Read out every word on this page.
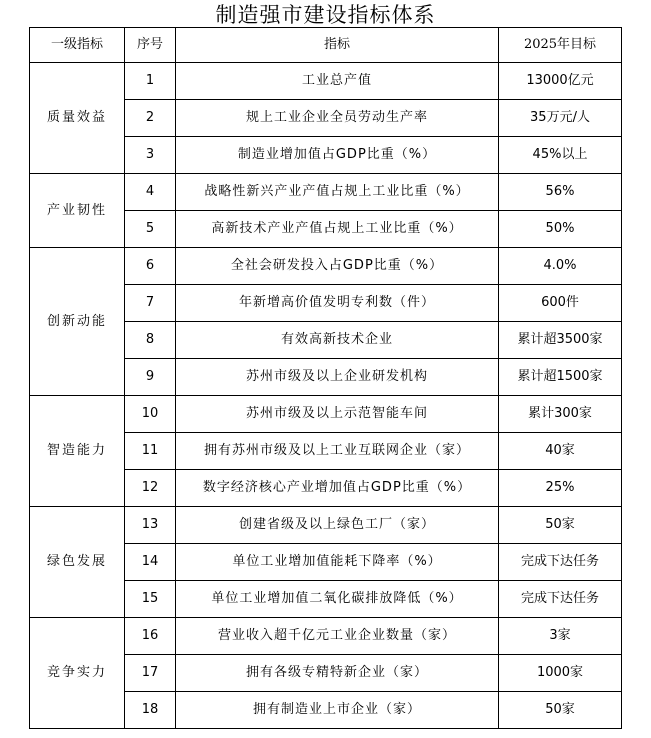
制造强市建设指标体系
一级指标	序号	指标	2025年目标
质量效益	1	工业总产值	13000亿元
	2	规上工业企业全员劳动生产率	35万元/人
	3	制造业增加值占GDP比重（%）	45%以上
产业韧性	4	战略性新兴产业产值占规上工业比重（%）	56%
	5	高新技术产业产值占规上工业比重（%）	50%
创新动能	6	全社会研发投入占GDP比重（%）	4.0%
	7	年新增高价值发明专利数（件）	600件
	8	有效高新技术企业	累计超3500家
	9	苏州市级及以上企业研发机构	累计超1500家
智造能力	10	苏州市级及以上示范智能车间	累计300家
	11	拥有苏州市级及以上工业互联网企业（家）	40家
	12	数字经济核心产业增加值占GDP比重（%）	25%
绿色发展	13	创建省级及以上绿色工厂（家）	50家
	14	单位工业增加值能耗下降率（%）	完成下达任务
	15	单位工业增加值二氧化碳排放降低（%）	完成下达任务
竞争实力	16	营业收入超千亿元工业企业数量（家）	3家
	17	拥有各级专精特新企业（家）	1000家
	18	拥有制造业上市企业（家）	50家
